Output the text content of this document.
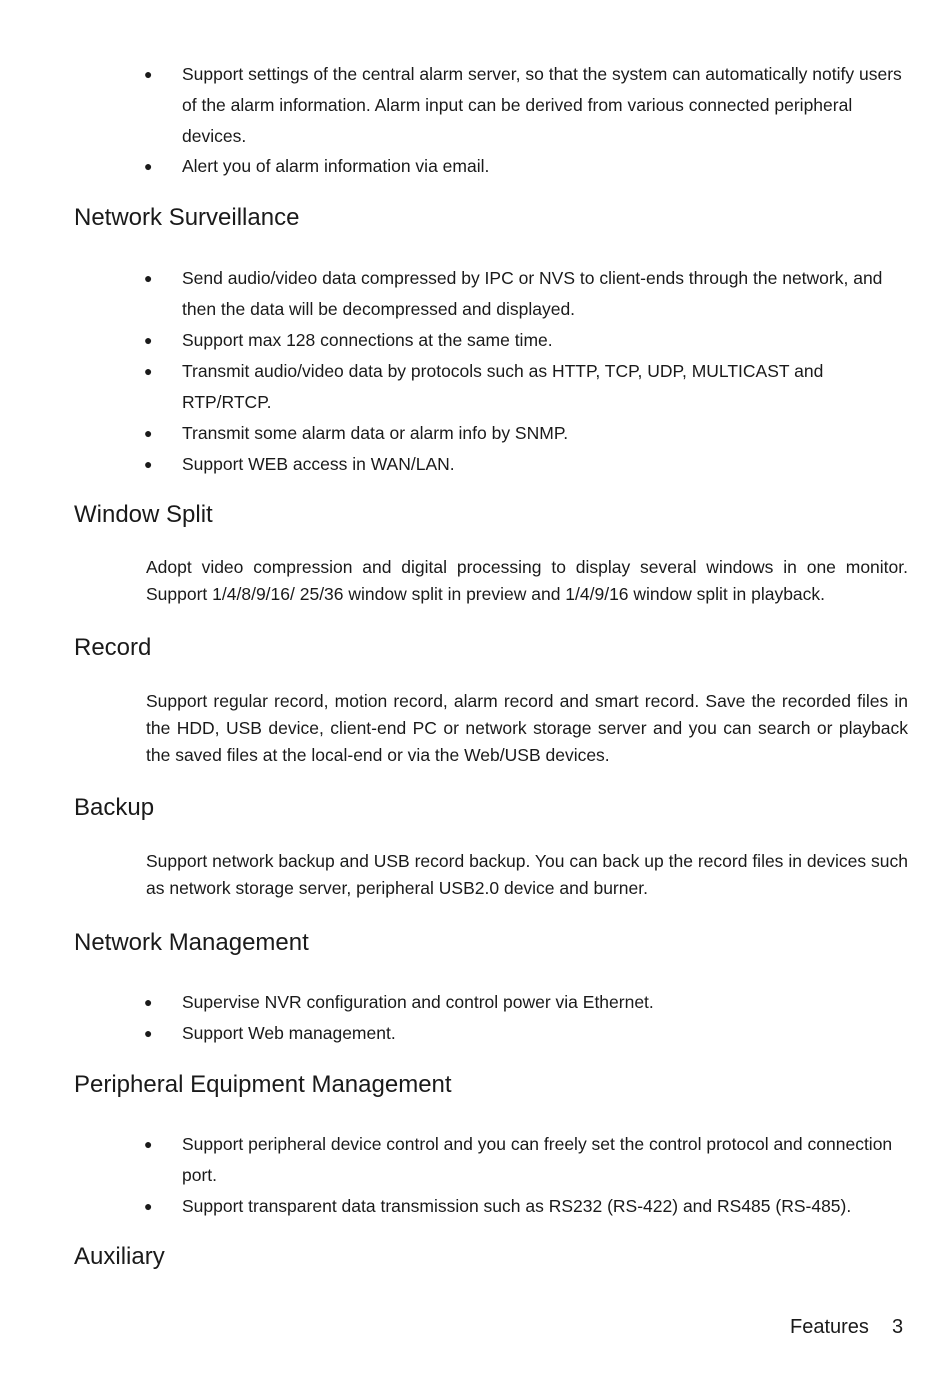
● Support settings of the central alarm server, so that the system can automatically notify users of the alarm information. Alarm input can be derived from various connected peripheral devices.
● Alert you of alarm information via email.
Network Surveillance
● Send audio/video data compressed by IPC or NVS to client-ends through the network, and then the data will be decompressed and displayed.
● Support max 128 connections at the same time.
● Transmit audio/video data by protocols such as HTTP, TCP, UDP, MULTICAST and RTP/RTCP.
● Transmit some alarm data or alarm info by SNMP.
● Support WEB access in WAN/LAN.
Window Split
Adopt video compression and digital processing to display several windows in one monitor. Support 1/4/8/9/16/ 25/36 window split in preview and 1/4/9/16 window split in playback.
Record
Support regular record, motion record, alarm record and smart record. Save the recorded files in the HDD, USB device, client-end PC or network storage server and you can search or playback the saved files at the local-end or via the Web/USB devices.
Backup
Support network backup and USB record backup. You can back up the record files in devices such as network storage server, peripheral USB2.0 device and burner.
Network Management
● Supervise NVR configuration and control power via Ethernet.
● Support Web management.
Peripheral Equipment Management
● Support peripheral device control and you can freely set the control protocol and connection port.
● Support transparent data transmission such as RS232 (RS-422) and RS485 (RS-485).
Auxiliary
Features 3
